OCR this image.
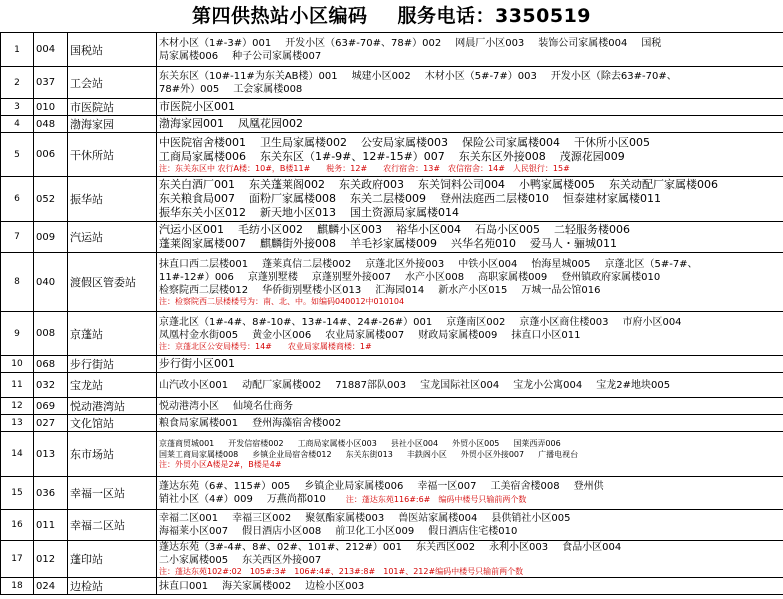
第四供热站小区编码 服务电话：3350519
1	004	国税站	木材小区（1#-3#）001 开发小区（63#-70#、78#）002 网晨厂小区003 装饰公司家属楼004 国税
局家属楼006 种子公司家属楼007

2	037	工会站	东关东区（10#-11#为东关AB楼）001 城建小区002 木材小区（5#-7#）003 开发小区（除去63#-70#、
78#外）005 工会家属楼008

3	010	市医院站	市医院小区001

4	048	渤海家园	渤海家园001 凤凰花园002

5	006	干休所站	中医院宿舍楼001 卫生局家属楼002 公安局家属楼003 保险公司家属楼004 干休所小区005
工商局家属楼006 东关东区（1#-9#、12#-15#）007 东关东区外接008 茂源花园009
注：东关东区中 农行A楼：10#，B楼11#　　税务：12#　　农行宿舍：13#　农信宿舍：14#　人民银行：15#

6	052	振华站	东关白酒厂001 东关蓬莱阁002 东关政府003 东关饲料公司004 小鸭家属楼005 东关动配厂家属楼006
东关粮食局007 面粉厂家属楼008 东关二层楼009 登州法庭西二层楼010 恒泰建材家属楼011
振华东关小区012 新天地小区013 国土资源局家属楼014

7	009	汽运站	汽运小区001 毛纺小区002 麒麟小区003 裕华小区004 石岛小区005 二轻服务楼006
蓬莱阁家属楼007 麒麟街外接008 羊毛衫家属楼009 兴华名苑010 爱马人・骊城011

8	040	渡假区管委站	抹直口西二层楼001 蓬莱真信二层楼002 京蓬北区外接003 中铁小区004 怡海星城005 京蓬北区（5#-7#、
11#-12#）006 京蓬别墅楼 京蓬别墅外接007 水产小区008 高职家属楼009 登州镇政府家属楼010
检察院西二层楼012 华侨街别墅楼小区013 汇海园014 新水产小区015 万城一品公馆016
注：检察院西二层楼楼号为：南、北、中。如编码040012中010104

9	008	京蓬站	京蓬北区（1#-4#、8#-10#、13#-14#、24#-26#）001 京蓬南区002 京蓬小区商住楼003 市府小区004
凤凰村金水街005 黄金小区006 农业局家属楼007 财政局家属楼009 抹直口小区011
注：京蓬北区公安局楼号：14#　　农业局家属楼商楼：1#

10	068	步行街站	步行街小区001

11	032	宝龙站	山汽改小区001 动配厂家属楼002 71887部队003 宝龙国际社区004 宝龙小公寓004 宝龙2#地块005

12	069	悦动港湾站	悦动港湾小区 仙境名仕商务

13	027	文化馆站	粮食局家属楼001 登州海藻宿舍楼002

14	013	东市场站	京蓬商贸城001 开发信宿楼002 工商局家属楼小区003 县社小区004 外贸小区005 国莱西弄006
国莱工商局家属楼008 乡镇企业局宿舍楼012 东关东街013 丰鉄阁小区 外贸小区外接007 广播电视台
注：外贸小区A楼是2#，B楼是4#

15	036	幸福一区站	蓬达东苑（6#、115#）005 乡镇企业局家属楼006 幸福一区007 工美宿舍楼008 登州供
销社小区（4#）009 万燕尚都010 注：蓬达东苑116#:6#　编码中楼号只输前两个数

16	011	幸福二区站	幸福二区001 幸福三区002 聚氨酯家属楼003 兽医站家属楼004 县供销社小区005
海福莱小区007 假日酒店小区008 前卫化工小区009 假日酒店住宅楼010

17	012	蓬印站	蓬达东苑（3#-4#、8#、02#、101#、212#）001 东关西区002 永利小区003 食品小区004
二小家属楼005 东关西区外接007
注：蓬达东苑102#:02　105#:3#　106#:4#、213#:8#　101#、212#编码中楼号只输前两个数

18	024	边检站	抹直口001 海关家属楼002 边检小区003
